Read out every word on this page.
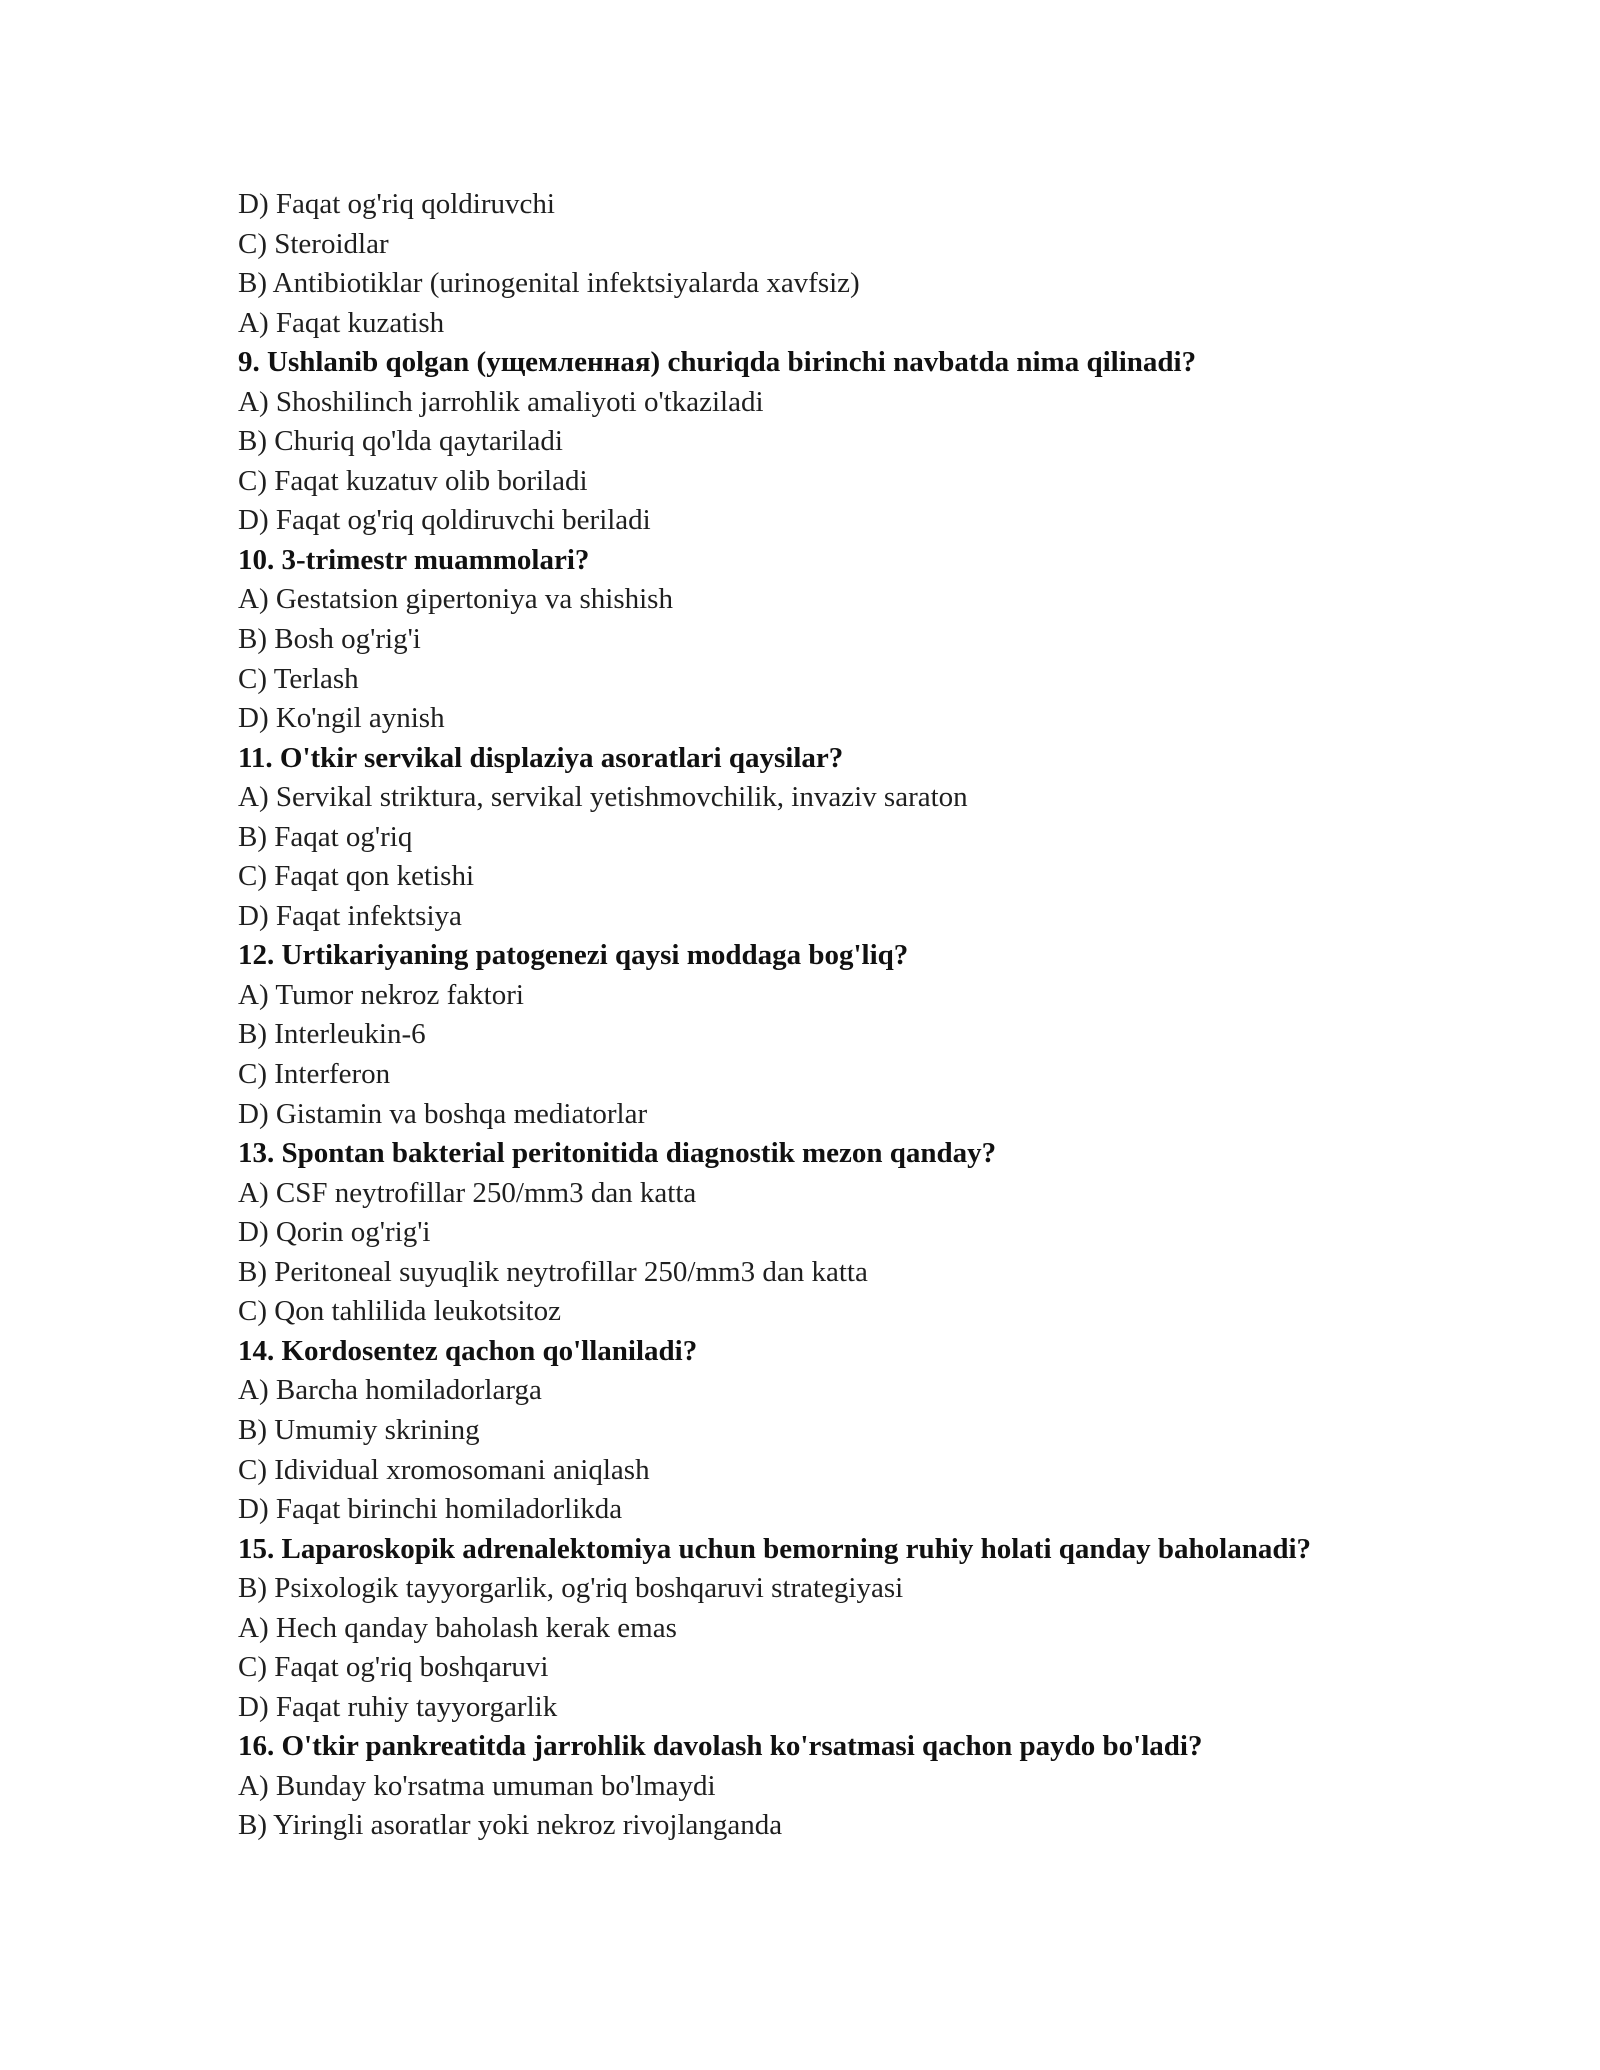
D) Faqat og'riq qoldiruvchi
C) Steroidlar
B) Antibiotiklar (urinogenital infektsiyalarda xavfsiz)
A) Faqat kuzatish
9. Ushlanib qolgan (ущемленная) churiqda birinchi navbatda nima qilinadi?
A) Shoshilinch jarrohlik amaliyoti o'tkaziladi
B) Churiq qo'lda qaytariladi
C) Faqat kuzatuv olib boriladi
D) Faqat og'riq qoldiruvchi beriladi
10. 3-trimestr muammolari?
A) Gestatsion gipertoniya va shishish
B) Bosh og'rig'i
C) Terlash
D) Ko'ngil aynish
11. O'tkir servikal displaziya asoratlari qaysilar?
A) Servikal striktura, servikal yetishmovchilik, invaziv saraton
B) Faqat og'riq
C) Faqat qon ketishi
D) Faqat infektsiya
12. Urtikariyaning patogenezi qaysi moddaga bog'liq?
A) Tumor nekroz faktori
B) Interleukin-6
C) Interferon
D) Gistamin va boshqa mediatorlar
13. Spontan bakterial peritonitida diagnostik mezon qanday?
A) CSF neytrofillar 250/mm3 dan katta
D) Qorin og'rig'i
B) Peritoneal suyuqlik neytrofillar 250/mm3 dan katta
C) Qon tahlilida leukotsitoz
14. Kordosentez qachon qo'llaniladi?
A) Barcha homiladorlarga
B) Umumiy skrining
C) Idividual xromosomani aniqlash
D) Faqat birinchi homiladorlikda
15. Laparoskopik adrenalektomiya uchun bemorning ruhiy holati qanday baholanadi?
B) Psixologik tayyorgarlik, og'riq boshqaruvi strategiyasi
A) Hech qanday baholash kerak emas
C) Faqat og'riq boshqaruvi
D) Faqat ruhiy tayyorgarlik
16. O'tkir pankreatitda jarrohlik davolash ko'rsatmasi qachon paydo bo'ladi?
A) Bunday ko'rsatma umuman bo'lmaydi
B) Yiringli asoratlar yoki nekroz rivojlanganda
